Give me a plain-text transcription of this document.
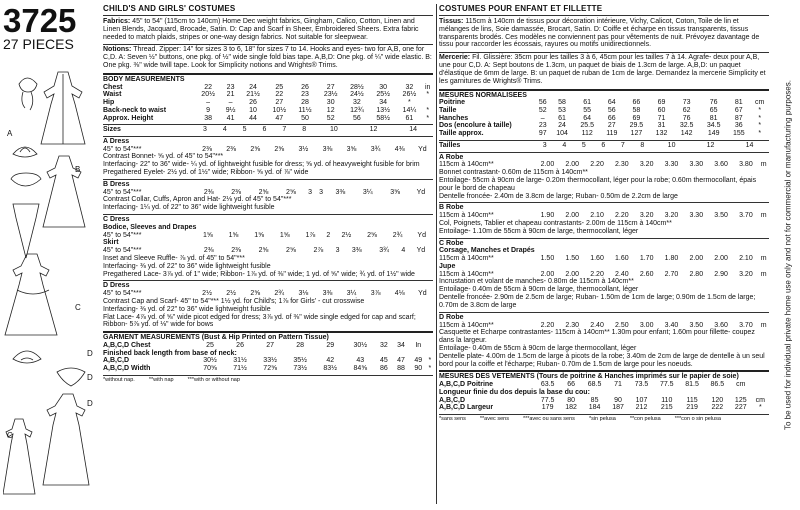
3725
27 PIECES
A
B
C
D
D
D
C
CHILD'S AND GIRLS' COSTUMES
Fabrics: 45" to 54" (115cm to 140cm) Home Dec weight fabrics, Gingham, Calico, Cotton, Linen and Linen Blends, Jacquard, Brocade, Satin. D: Cap and Scarf in Sheer, Embroidered Sheers. Extra fabric needed to match plaids, stripes or one-way design fabrics. Not suitable for sleepwear.
Notions: Thread. Zipper: 14" for sizes 3 to 6, 18" for sizes 7 to 14. Hooks and eyes- two for A,B, one for C,D. A: Seven ½" buttons, one pkg. of ½" wide single fold bias tape. A,B,D: One pkg. of ¼" wide elastic. B: One pkg. ⅜" wide twill tape. Look for Simplicity notions and Wrights® Trims.
BODY MEASUREMENTS
Chest	22	23	24	25	26	27	28½	30	32	in
Waist	20½	21	21½	22	23	23½	24½	25½	26½	*
Hip	–	–	26	27	28	30	32	34	*	
Back-neck to waist	9	9½	10	10½	11½	12	12¾	13½	14¼	*
Approx. Height	38	41	44	47	50	52	56	58½	61	*
Sizes	3	4	5	6	7	8	10	12	14	
A Dress
45" to 54"***	2⅜	2⅜	2⅝	2⅝	3½	3⅜	3⅝	3¾	4⅜	Yd
Contrast Bonnet- ⅝ yd. of 45" to 54"***
Interfacing- 22" to 36" wide- ¼ yd. of lightweight fusible for dress; ⅝ yd. of heavyweight fusible for brim
Pregathered Eyelet- 2½ yd. of 1½" wide; Ribbon- ⅝ yd. of ⅞" wide
B Dress
45" to 54"***	2⅜	2⅜	2⅝	2⅝	3	3	3⅜	3¼	3⅝	Yd
Contrast Collar, Cuffs, Apron and Hat- 2⅛ yd. of 45" to 54"***
Interfacing- 1¼ yd. of 22" to 36" wide lightweight fusible
C Dress
Bodice, Sleeves and Drapes
45" to 54"***	1⅝	1⅝	1⅝	1⅝	1⅞	2	2½	2⅝	2¾	Yd
Skirt
45" to 54"***	2⅜	2⅜	2⅝	2⅝	2⅞	3	3⅜	3¾	4	Yd
Inset and Sleeve Ruffle- ⅞ yd. of 45" to 54"***
Interfacing- ⅜ yd. of 22" to 36" wide lightweight fusible
Pregathered Lace- 3⅞ yd. of 1" wide; Ribbon- 1⅞ yd. of ⅜" wide; 1 yd. of ⅝" wide; ¾ yd. of 1½" wide
D Dress
45" to 54"***	2½	2½	2⅝	2¾	3⅛	3⅜	3¼	3⅞	4⅛	Yd
Contrast Cap and Scarf- 45" to 54"*** 1½ yd. for Child's; 1⅞ for Girls' - cut crosswise
Interfacing- ⅜ yd. of 22" to 36" wide lightweight fusible
Flat Lace- 4⅞ yd. of ⅝" wide picot edged for dress; 3⅞ yd. of ⅜" wide single edged for cap and scarf; Ribbon- 5⅞ yd. of ⅛" wide for bows
GARMENT MEASUREMENTS (Bust & Hip Printed on Pattern Tissue)
A,B,C,D Chest	25	26	27	28	29	30½	32	34	In	
Finished back length from base of neck:										
A,B,C,D	30½	31½	33½	35½	42	43	45	47	49	*
A,B,C,D Width	70⅝	71½	72⅝	73½	83½	84⅝	86	88	90	*
*without nap.	**with nap	***with or without nap
COSTUMES POUR ENFANT ET FILLETTE
Tissus: 115cm à 140cm de tissus pour décoration intérieure, Vichy, Calicot, Coton, Toile de lin et mélanges de lins, Soie damassée, Brocart, Satin. D: Coiffe et écharpe en tissus transparents, tissus transparents brodés. Ces modèles ne conviennent pas pour vêtements de nuit. Prévoyez davantage de tissu pour raccorder les écossais, rayures ou motifs unidirectionnels.
Mercerie: Fil. Glissière: 35cm pour les tailles 3 à 6, 45cm pour les tailles 7 à 14. Agrafe- deux pour A,B, une pour C,D. A: Sept boutons de 1.3cm, un paquet de biais de 1.3cm de large. A,B,D: un paquet d'élastique de 6mm de large. B: un paquet de ruban de 1cm de large. Demandez la mercerie Simplicity et les garnitures de Wrights® Trims.
MESURES NORMALISEES
Poitrine	56	58	61	64	66	69	73	76	81	cm
Taille	52	53	55	56	58	60	62	65	67	*
Hanches	–	61	64	66	69	71	76	81	87	*
Dos (encolure à taille)	23	24	25.5	27	29.5	31	32.5	34.5	36	*
Taille approx.	97	104	112	119	127	132	142	149	155	*
Tailles	3	4	5	6	7	8	10	12	14	
A Robe
115cm à 140cm**	2.00	2.00	2.20	2.30	3.20	3.30	3.30	3.60	3.80	m
Bonnet contrastant- 0.60m de 115cm à 140cm**
Entoilage- 55cm à 90cm de large- 0.20m thermocollant, léger pour la robe; 0.60m thermocollant, épais pour le bord de chapeau
Dentelle froncée- 2.40m de 3.8cm de large; Ruban- 0.50m de 2.2cm de large
B Robe
115cm à 140cm**	1.90	2.00	2.10	2.20	3.20	3.20	3.30	3.50	3.70	m
Col, Poignets, Tablier et chapeau contrastants- 2.00m de 115cm à 140cm**
Entoilage- 1.10m de 55cm à 90cm de large, thermocollant, léger
C Robe
Corsage, Manches et Drapés
115cm à 140cm**	1.50	1.50	1.60	1.60	1.70	1.80	2.00	2.00	2.10	m
Jupe
115cm à 140cm**	2.00	2.00	2.20	2.40	2.60	2.70	2.80	2.90	3.20	m
Incrustation et volant de manches- 0.80m de 115cm à 140cm**
Entoilage- 0.40m de 55cm à 90cm de large, thermocollant, léger
Dentelle froncée- 2.90m de 2.5cm de large; Ruban- 1.50m de 1cm de large; 0.90m de 1.5cm de large; 0.70m de 3.8cm de large
D Robe
115cm à 140cm**	2.20	2.30	2.40	2.50	3.00	3.40	3.50	3.60	3.70	m
Casquette et Echarpe contrastantes- 115cm à 140cm** 1.30m pour enfant; 1.60m pour fillette- coupez dans la largeur.
Entoilage- 0.40m de 55cm à 90cm de large thermocollant, léger
Dentelle plate- 4.00m de 1.5cm de large à picots de la robe; 3.40m de 2cm de large de dentelle à un seul bord pour la coiffe et l'écharpe; Ruban- 0.70m de 1.5cm de large pour les noeuds.
MESURES DES VETEMENTS (Tours de poitrine & Hanches imprimés sur le papier de soie)
A,B,C,D Poitrine	63.5	66	68.5	71	73.5	77.5	81.5	86.5	cm	
Longueur finie du dos depuis la base du cou:										
A,B,C,D	77.5	80	85	90	107	110	115	120	125	cm
A,B,C,D Largeur	179	182	184	187	212	215	219	222	227	*
*sans sens	**avec sens	***avec ou sans sens	*sin pelusa	**con pelusa	***con o sin pelusa	To be used for individual private home use only and not for commercial or manufacturing purposes.
